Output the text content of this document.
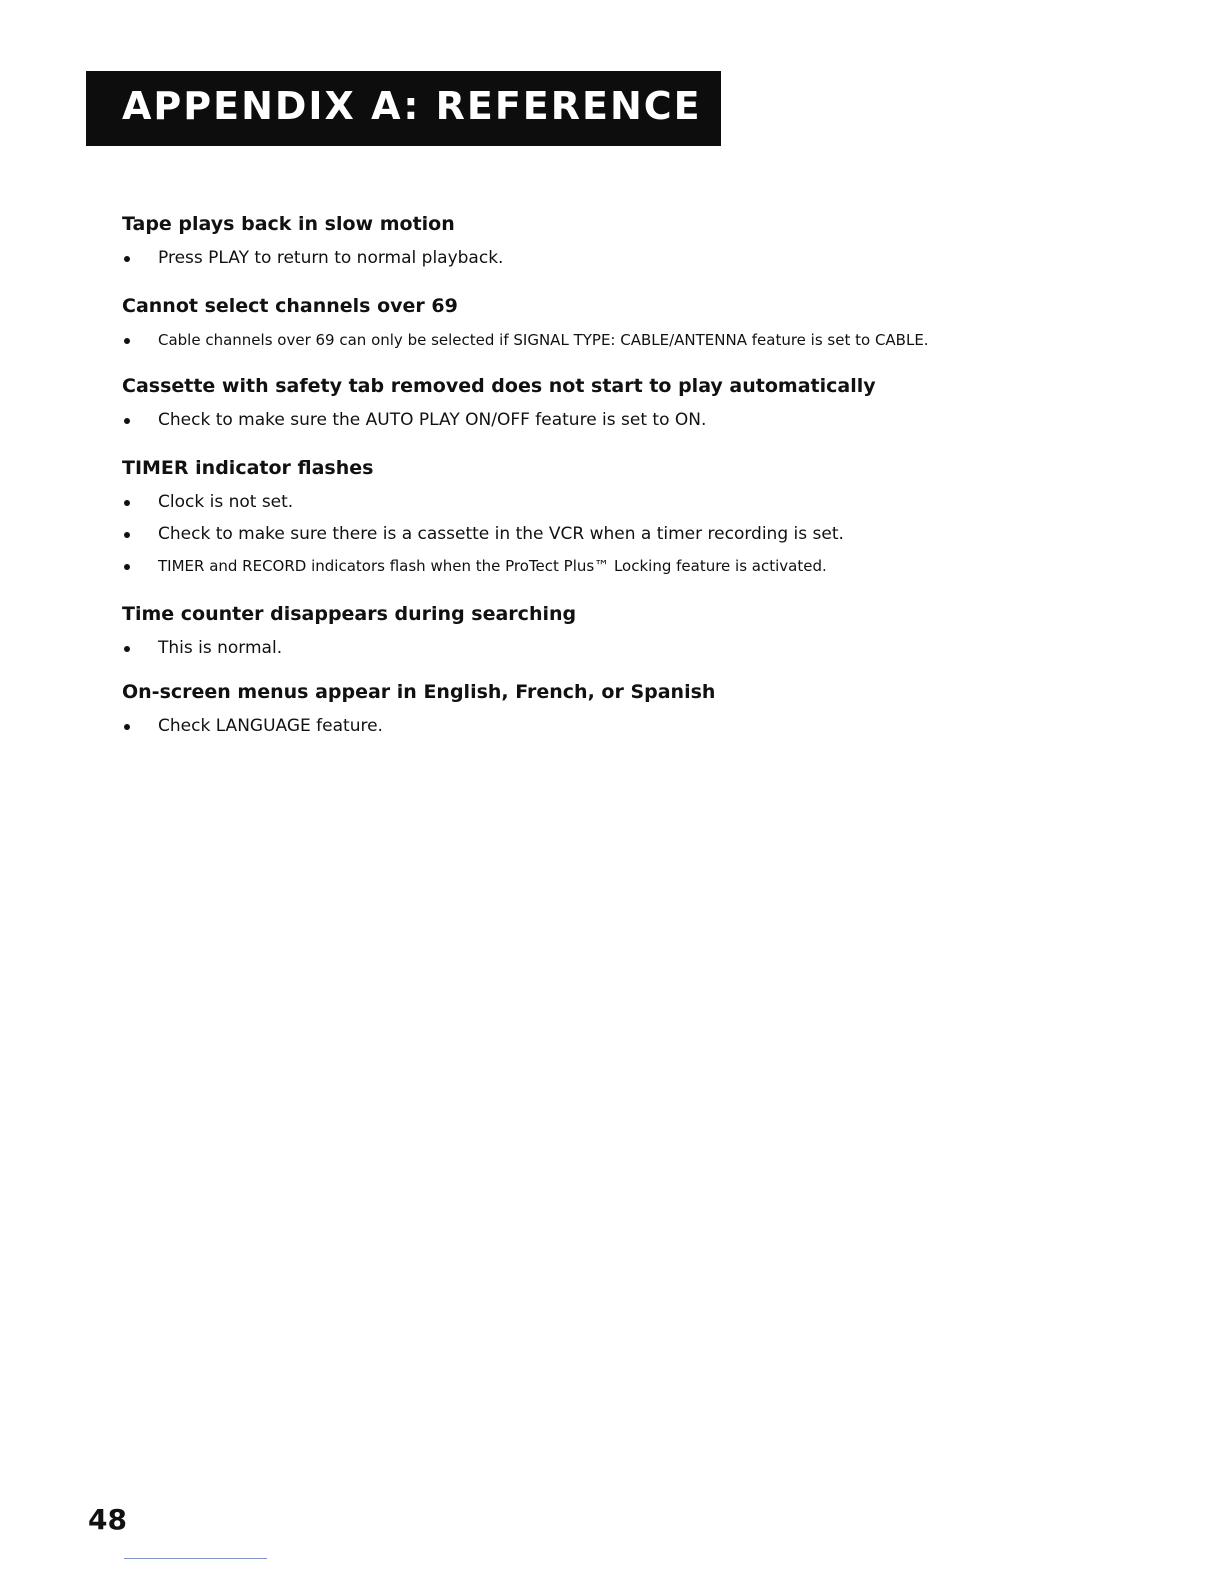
APPENDIX A: REFERENCE
Tape plays back in slow motion
Press PLAY to return to normal playback.
Cannot select channels over 69
Cable channels over 69 can only be selected if SIGNAL TYPE: CABLE/ANTENNA feature is set to CABLE.
Cassette with safety tab removed does not start to play automatically
Check to make sure the AUTO PLAY ON/OFF feature is set to ON.
TIMER indicator flashes
Clock is not set.
Check to make sure there is a cassette in the VCR when a timer recording is set.
TIMER and RECORD indicators flash when the ProTect Plus™ Locking feature is activated.
Time counter disappears during searching
This is normal.
On-screen menus appear in English, French, or Spanish
Check LANGUAGE feature.
48
